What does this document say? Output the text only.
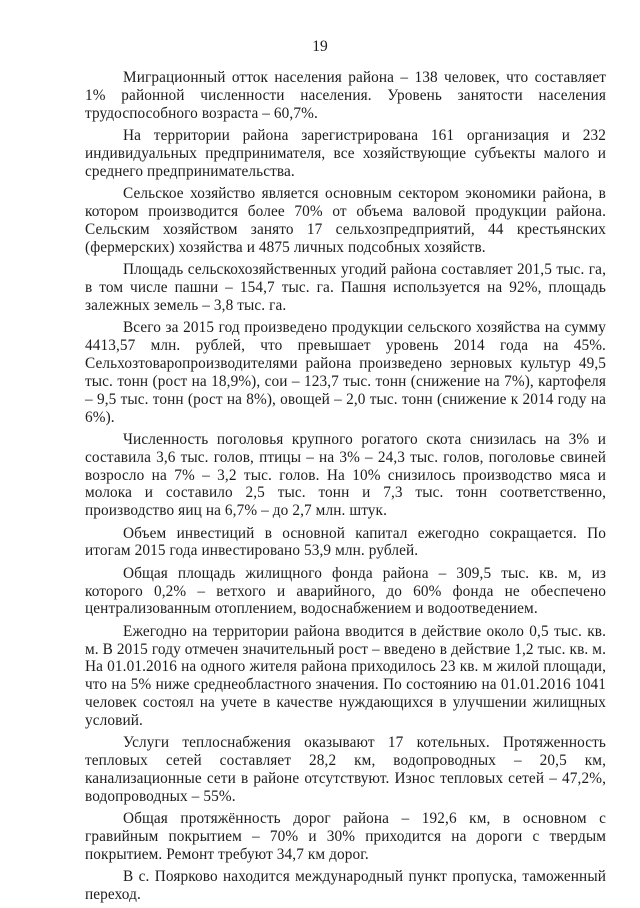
19

Миграционный отток населения района – 138 человек, что составляет 1% районной численности населения. Уровень занятости населения трудоспособного возраста – 60,7%.

На территории района зарегистрирована 161 организация и 232 индивидуальных предпринимателя, все хозяйствующие субъекты малого и среднего предпринимательства.

Сельское хозяйство является основным сектором экономики района, в котором производится более 70% от объема валовой продукции района. Сельским хозяйством занято 17 сельхозпредприятий, 44 крестьянских (фермерских) хозяйства и 4875 личных подсобных хозяйств.

Площадь сельскохозяйственных угодий района составляет 201,5 тыс. га, в том числе пашни – 154,7 тыс. га. Пашня используется на 92%, площадь залежных земель – 3,8 тыс. га.

Всего за 2015 год произведено продукции сельского хозяйства на сумму 4413,57 млн. рублей, что превышает уровень 2014 года на 45%. Сельхозтоваропроизводителями района произведено зерновых культур 49,5 тыс. тонн (рост на 18,9%), сои – 123,7 тыс. тонн (снижение на 7%), картофеля – 9,5 тыс. тонн (рост на 8%), овощей – 2,0 тыс. тонн (снижение к 2014 году на 6%).

Численность поголовья крупного рогатого скота снизилась на 3% и составила 3,6 тыс. голов, птицы – на 3% – 24,3 тыс. голов, поголовье свиней возросло на 7% – 3,2 тыс. голов. На 10% снизилось производство мяса и молока и составило 2,5 тыс. тонн и 7,3 тыс. тонн соответственно, производство яиц на 6,7% – до 2,7 млн. штук.

Объем инвестиций в основной капитал ежегодно сокращается. По итогам 2015 года инвестировано 53,9 млн. рублей.

Общая площадь жилищного фонда района – 309,5 тыс. кв. м, из которого 0,2% – ветхого и аварийного, до 60% фонда не обеспечено централизованным отоплением, водоснабжением и водоотведением.

Ежегодно на территории района вводится в действие около 0,5 тыс. кв. м. В 2015 году отмечен значительный рост – введено в действие 1,2 тыс. кв. м. На 01.01.2016 на одного жителя района приходилось 23 кв. м жилой площади, что на 5% ниже среднеобластного значения. По состоянию на 01.01.2016 1041 человек состоял на учете в качестве нуждающихся в улучшении жилищных условий.

Услуги теплоснабжения оказывают 17 котельных. Протяженность тепловых сетей составляет 28,2 км, водопроводных – 20,5 км, канализационные сети в районе отсутствуют. Износ тепловых сетей – 47,2%, водопроводных – 55%.

Общая протяжённость дорог района – 192,6 км, в основном с гравийным покрытием – 70% и 30% приходится на дороги с твердым покрытием. Ремонт требуют 34,7 км дорог.

В с. Поярково находится международный пункт пропуска, таможенный переход.
